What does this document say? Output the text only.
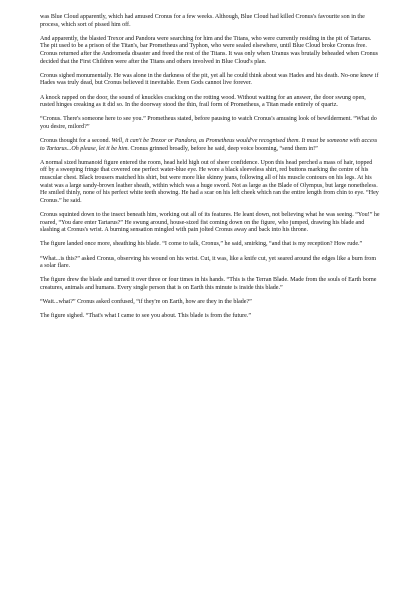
was Blue Cloud apparently, which had amused Cronus for a few weeks. Although, Blue Cloud had killed Cronus's favourite son in the process, which sort of pissed him off.

And apparently, the blasted Trexor and Pandora were searching for him and the Titans, who were currently residing in the pit of Tartarus. The pit used to be a prison of the Titan's, bar Prometheus and Typhon, who were sealed elsewhere, until Blue Cloud broke Cronus free. Cronus returned after the Andromeda disaster and freed the rest of the Titans. It was only when Uranus was brutally beheaded when Cronus decided that the First Children were after the Titans and others involved in Blue Cloud's plan.

Cronus sighed monumentally. He was alone in the darkness of the pit, yet all he could think about was Hades and his death. No-one knew if Hades was truly dead, but Cronus believed it inevitable. Even Gods cannot live forever.

A knock rapped on the door, the sound of knuckles cracking on the rotting wood. Without waiting for an answer, the door swung open, rusted hinges creaking as it did so. In the doorway stood the thin, frail form of Prometheus, a Titan made entirely of quartz.

“Cronus. There's someone here to see you.” Prometheus stated, before pausing to watch Cronus's amusing look of bewilderment. “What do you desire, milord?”

Cronus thought for a second. Well, it can't be Trexor or Pandora, as Prometheus would've recognised them. It must be someone with access to Tartarus...Oh please, let it be him. Cronus grinned broadly, before he said, deep voice booming, “send them in!”

A normal sized humanoid figure entered the room, head held high out of sheer confidence. Upon this head perched a mass of hair, topped off by a sweeping fringe that covered one perfect water-blue eye. He wore a black sleeveless shirt, red buttons marking the centre of his muscular chest. Black trousers matched his shirt, but were more like skinny jeans, following all of his muscle contours on his legs. At his waist was a large sandy-brown leather sheath, within which was a huge sword. Not as large as the Blade of Olympus, but large nonetheless. He smiled thinly, none of his perfect white teeth showing. He had a scar on his left cheek which ran the entire length from chin to eye. “Hey Cronus.” he said.

Cronus squinted down to the insect beneath him, working out all of its features. He leant down, not believing what he was seeing. “You!” he roared, “You dare enter Tartarus?” He swung around, house-sized fist coming down on the figure, who jumped, drawing his blade and slashing at Cronus's wrist. A burning sensation mingled with pain jolted Cronus away and back into his throne.

The figure landed once more, sheathing his blade. “I come to talk, Cronus,” he said, smirking, “and that is my reception? How rude.”

“What...is this?” asked Cronus, observing his wound on his wrist. Cut, it was, like a knife cut, yet seared around the edges like a burn from a solar flare.

The figure drew the blade and turned it over three or four times in his hands. “This is the Terran Blade. Made from the souls of Earth borne creatures, animals and humans. Every single person that is on Earth this minute is inside this blade.”

“Wait...what?” Cronus asked confused, “if they're on Earth, how are they in the blade?”

The figure sighed. “That's what I came to see you about. This blade is from the future.”
